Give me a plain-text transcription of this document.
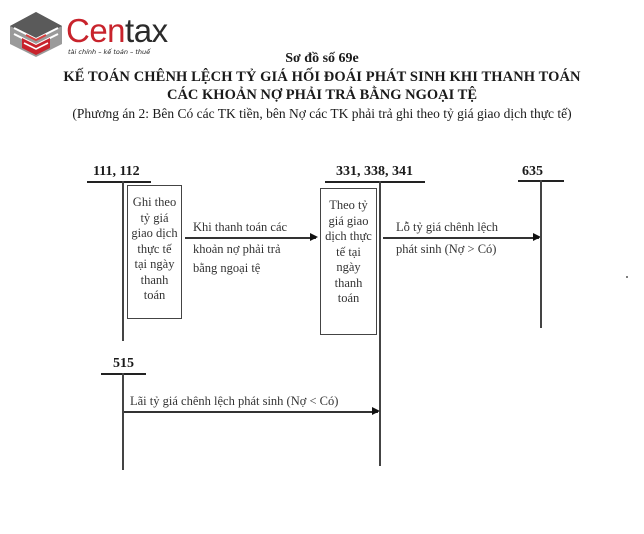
Centax
tài chính – kế toán – thuế	Sơ đồ số 69e
KẾ TOÁN CHÊNH LỆCH TỶ GIÁ HỐI ĐOÁI PHÁT SINH KHI THANH TOÁN
CÁC KHOẢN NỢ PHẢI TRẢ BẰNG NGOẠI TỆ
(Phương án 2: Bên Có các TK tiền, bên Nợ các TK phải trả ghi theo tỷ giá giao dịch thực tế)
111, 112
Ghi theo
tỷ giá
giao dịch
thực tế
tại ngày
thanh
toán
Khi thanh toán các
khoản nợ phải trả
bằng ngoại tệ
331, 338, 341
Theo tỷ
giá giao
dịch thực
tế tại
ngày
thanh
toán
Lỗ tỷ giá chênh lệch
phát sinh (Nợ > Có)
635
515
Lãi tỷ giá chênh lệch phát sinh (Nợ < Có)
